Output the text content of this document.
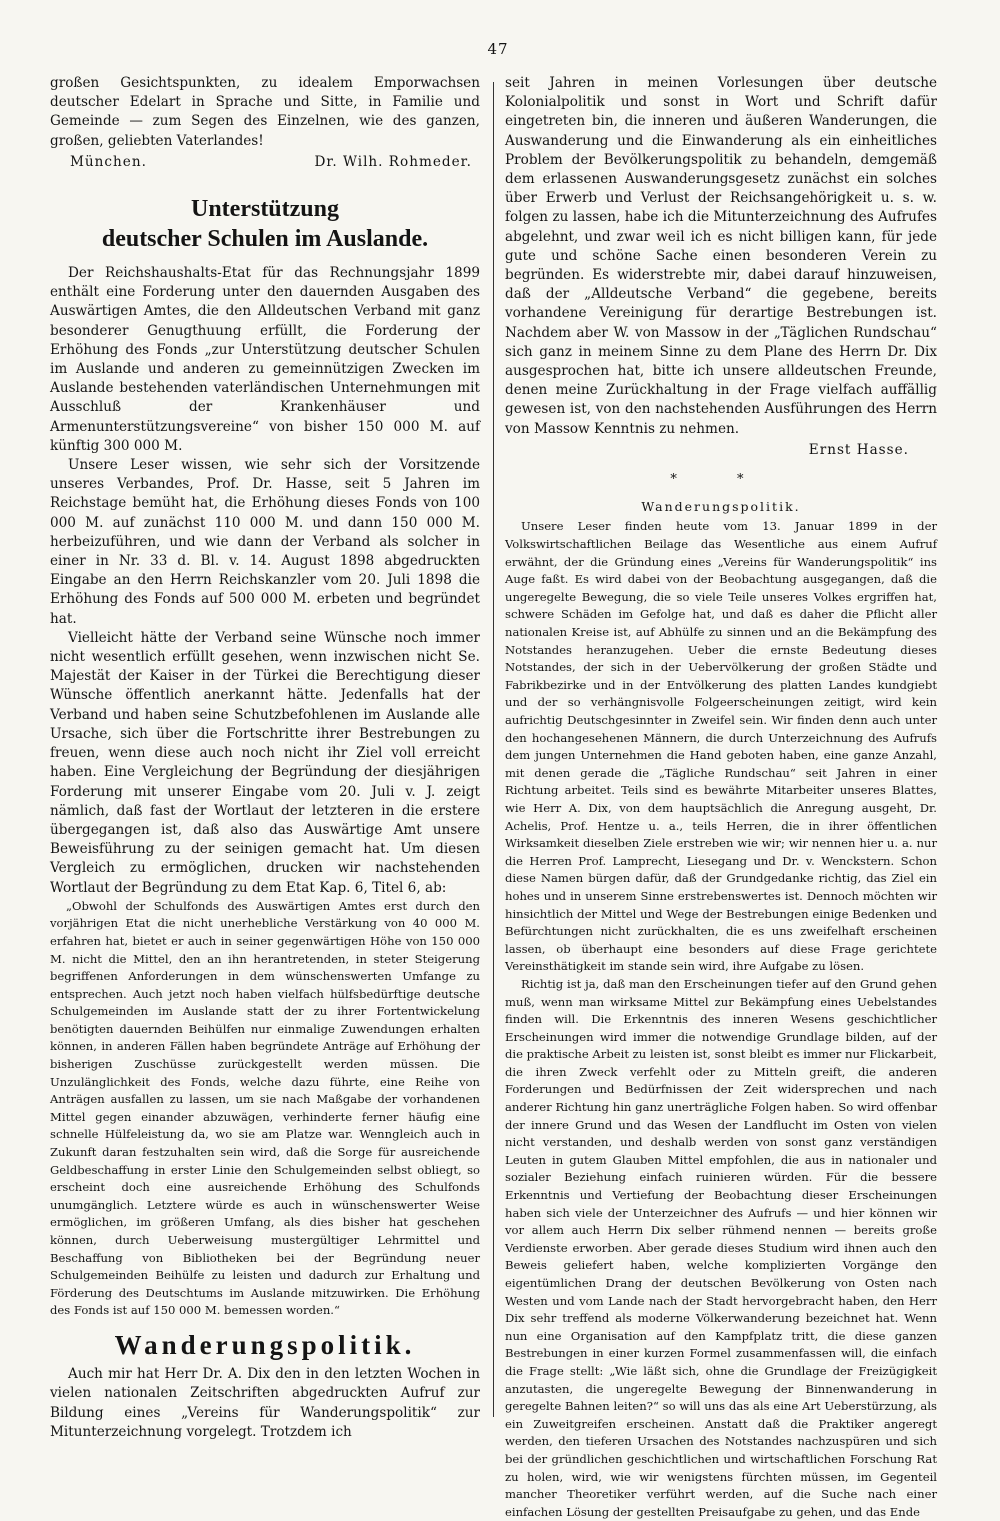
47

großen Gesichtspunkten, zu idealem Emporwachsen deutscher Edelart in Sprache und Sitte, in Familie und Gemeinde — zum Segen des Einzelnen, wie des ganzen, großen, geliebten Vaterlandes!

München.	Dr. Wilh. Rohmeder.
Unterstützung
deutscher Schulen im Auslande.

Der Reichshaushalts-Etat für das Rechnungsjahr 1899 enthält eine Forderung unter den dauernden Ausgaben des Auswärtigen Amtes, die den Alldeutschen Verband mit ganz besonderer Genugthuung erfüllt, die Forderung der Erhöhung des Fonds „zur Unterstützung deutscher Schulen im Auslande und anderen zu gemeinnützigen Zwecken im Auslande bestehenden vaterländischen Unternehmungen mit Ausschluß der Krankenhäuser und Armenunterstützungsvereine“ von bisher 150 000 M. auf künftig 300 000 M.

Unsere Leser wissen, wie sehr sich der Vorsitzende unseres Verbandes, Prof. Dr. Hasse, seit 5 Jahren im Reichstage bemüht hat, die Erhöhung dieses Fonds von 100 000 M. auf zunächst 110 000 M. und dann 150 000 M. herbeizuführen, und wie dann der Verband als solcher in einer in Nr. 33 d. Bl. v. 14. August 1898 abgedruckten Eingabe an den Herrn Reichskanzler vom 20. Juli 1898 die Erhöhung des Fonds auf 500 000 M. erbeten und begründet hat.

Vielleicht hätte der Verband seine Wünsche noch immer nicht wesentlich erfüllt gesehen, wenn inzwischen nicht Se. Majestät der Kaiser in der Türkei die Berechtigung dieser Wünsche öffentlich anerkannt hätte. Jedenfalls hat der Verband und haben seine Schutzbefohlenen im Auslande alle Ursache, sich über die Fortschritte ihrer Bestrebungen zu freuen, wenn diese auch noch nicht ihr Ziel voll erreicht haben. Eine Vergleichung der Begründung der diesjährigen Forderung mit unserer Eingabe vom 20. Juli v. J. zeigt nämlich, daß fast der Wortlaut der letzteren in die erstere übergegangen ist, daß also das Auswärtige Amt unsere Beweisführung zu der seinigen gemacht hat. Um diesen Vergleich zu ermöglichen, drucken wir nachstehenden Wortlaut der Begründung zu dem Etat Kap. 6, Titel 6, ab:

„Obwohl der Schulfonds des Auswärtigen Amtes erst durch den vorjährigen Etat die nicht unerhebliche Verstärkung von 40 000 M. erfahren hat, bietet er auch in seiner gegenwärtigen Höhe von 150 000 M. nicht die Mittel, den an ihn herantretenden, in steter Steigerung begriffenen Anforderungen in dem wünschenswerten Umfange zu entsprechen. Auch jetzt noch haben vielfach hülfsbedürftige deutsche Schulgemeinden im Auslande statt der zu ihrer Fortentwickelung benötigten dauernden Beihülfen nur einmalige Zuwendungen erhalten können, in anderen Fällen haben begründete Anträge auf Erhöhung der bisherigen Zuschüsse zurückgestellt werden müssen. Die Unzulänglichkeit des Fonds, welche dazu führte, eine Reihe von Anträgen ausfallen zu lassen, um sie nach Maßgabe der vorhandenen Mittel gegen einander abzuwägen, verhinderte ferner häufig eine schnelle Hülfeleistung da, wo sie am Platze war. Wenngleich auch in Zukunft daran festzuhalten sein wird, daß die Sorge für ausreichende Geldbeschaffung in erster Linie den Schulgemeinden selbst obliegt, so erscheint doch eine ausreichende Erhöhung des Schulfonds unumgänglich. Letztere würde es auch in wünschenswerter Weise ermöglichen, im größeren Umfang, als dies bisher hat geschehen können, durch Ueberweisung mustergültiger Lehrmittel und Beschaffung von Bibliotheken bei der Begründung neuer Schulgemeinden Beihülfe zu leisten und dadurch zur Erhaltung und Förderung des Deutschtums im Auslande mitzuwirken. Die Erhöhung des Fonds ist auf 150 000 M. bemessen worden.“

Wanderungspolitik.

Auch mir hat Herr Dr. A. Dix den in den letzten Wochen in vielen nationalen Zeitschriften abgedruckten Aufruf zur Bildung eines „Vereins für Wanderungspolitik“ zur Mitunterzeichnung vorgelegt. Trotzdem ich

seit Jahren in meinen Vorlesungen über deutsche Kolonialpolitik und sonst in Wort und Schrift dafür eingetreten bin, die inneren und äußeren Wanderungen, die Auswanderung und die Einwanderung als ein einheitliches Problem der Bevölkerungspolitik zu behandeln, demgemäß dem erlassenen Auswanderungsgesetz zunächst ein solches über Erwerb und Verlust der Reichsangehörigkeit u. s. w. folgen zu lassen, habe ich die Mitunterzeichnung des Aufrufes abgelehnt, und zwar weil ich es nicht billigen kann, für jede gute und schöne Sache einen besonderen Verein zu begründen. Es widerstrebte mir, dabei darauf hinzuweisen, daß der „Alldeutsche Verband“ die gegebene, bereits vorhandene Vereinigung für derartige Bestrebungen ist. Nachdem aber W. von Massow in der „Täglichen Rundschau“ sich ganz in meinem Sinne zu dem Plane des Herrn Dr. Dix ausgesprochen hat, bitte ich unsere alldeutschen Freunde, denen meine Zurückhaltung in der Frage vielfach auffällig gewesen ist, von den nachstehenden Ausführungen des Herrn von Massow Kenntnis zu nehmen.

Ernst Hasse.
* *
Wanderungspolitik.

Unsere Leser finden heute vom 13. Januar 1899 in der Volkswirtschaftlichen Beilage das Wesentliche aus einem Aufruf erwähnt, der die Gründung eines „Vereins für Wanderungspolitik“ ins Auge faßt. Es wird dabei von der Beobachtung ausgegangen, daß die ungeregelte Bewegung, die so viele Teile unseres Volkes ergriffen hat, schwere Schäden im Gefolge hat, und daß es daher die Pflicht aller nationalen Kreise ist, auf Abhülfe zu sinnen und an die Bekämpfung des Notstandes heranzugehen. Ueber die ernste Bedeutung dieses Notstandes, der sich in der Uebervölkerung der großen Städte und Fabrikbezirke und in der Entvölkerung des platten Landes kundgiebt und der so verhängnisvolle Folgeerscheinungen zeitigt, wird kein aufrichtig Deutschgesinnter in Zweifel sein. Wir finden denn auch unter den hochangesehenen Männern, die durch Unterzeichnung des Aufrufs dem jungen Unternehmen die Hand geboten haben, eine ganze Anzahl, mit denen gerade die „Tägliche Rundschau“ seit Jahren in einer Richtung arbeitet. Teils sind es bewährte Mitarbeiter unseres Blattes, wie Herr A. Dix, von dem hauptsächlich die Anregung ausgeht, Dr. Achelis, Prof. Hentze u. a., teils Herren, die in ihrer öffentlichen Wirksamkeit dieselben Ziele erstreben wie wir; wir nennen hier u. a. nur die Herren Prof. Lamprecht, Liesegang und Dr. v. Wenckstern. Schon diese Namen bürgen dafür, daß der Grundgedanke richtig, das Ziel ein hohes und in unserem Sinne erstrebenswertes ist. Dennoch möchten wir hinsichtlich der Mittel und Wege der Bestrebungen einige Bedenken und Befürchtungen nicht zurückhalten, die es uns zweifelhaft erscheinen lassen, ob überhaupt eine besonders auf diese Frage gerichtete Vereinsthätigkeit im stande sein wird, ihre Aufgabe zu lösen.

Richtig ist ja, daß man den Erscheinungen tiefer auf den Grund gehen muß, wenn man wirksame Mittel zur Bekämpfung eines Uebelstandes finden will. Die Erkenntnis des inneren Wesens geschichtlicher Erscheinungen wird immer die notwendige Grundlage bilden, auf der die praktische Arbeit zu leisten ist, sonst bleibt es immer nur Flickarbeit, die ihren Zweck verfehlt oder zu Mitteln greift, die anderen Forderungen und Bedürfnissen der Zeit widersprechen und nach anderer Richtung hin ganz unerträgliche Folgen haben. So wird offenbar der innere Grund und das Wesen der Landflucht im Osten von vielen nicht verstanden, und deshalb werden von sonst ganz verständigen Leuten in gutem Glauben Mittel empfohlen, die aus in nationaler und sozialer Beziehung einfach ruinieren würden. Für die bessere Erkenntnis und Vertiefung der Beobachtung dieser Erscheinungen haben sich viele der Unterzeichner des Aufrufs — und hier können wir vor allem auch Herrn Dix selber rühmend nennen — bereits große Verdienste erworben. Aber gerade dieses Studium wird ihnen auch den Beweis geliefert haben, welche komplizierten Vorgänge den eigentümlichen Drang der deutschen Bevölkerung von Osten nach Westen und vom Lande nach der Stadt hervorgebracht haben, den Herr Dix sehr treffend als moderne Völkerwanderung bezeichnet hat. Wenn nun eine Organisation auf den Kampfplatz tritt, die diese ganzen Bestrebungen in einer kurzen Formel zusammenfassen will, die einfach die Frage stellt: „Wie läßt sich, ohne die Grundlage der Freizügigkeit anzutasten, die ungeregelte Bewegung der Binnenwanderung in geregelte Bahnen leiten?“ so will uns das als eine Art Ueberstürzung, als ein Zuweitgreifen erscheinen. Anstatt daß die Praktiker angeregt werden, den tieferen Ursachen des Notstandes nachzuspüren und sich bei der gründlichen geschichtlichen und wirtschaftlichen Forschung Rat zu holen, wird, wie wir wenigstens fürchten müssen, im Gegenteil mancher Theoretiker verführt werden, auf die Suche nach einer einfachen Lösung der gestellten Preisaufgabe zu gehen, und das Ende
